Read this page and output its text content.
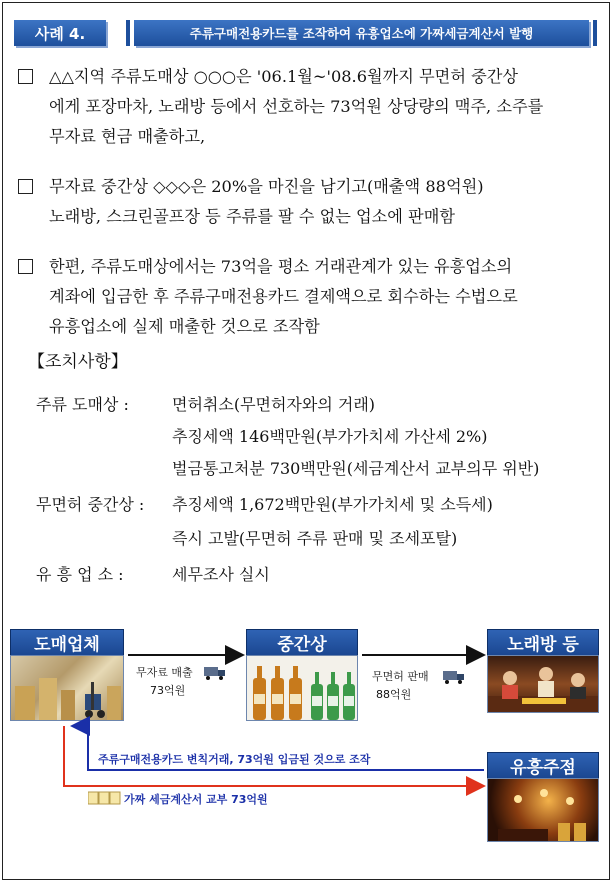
사례 4.	주류구매전용카드를 조작하여 유흥업소에 가짜세금계산서 발행
△△지역 주류도매상 ○○○은 '06.1월~'08.6월까지 무면허 중간상
에게 포장마차, 노래방 등에서 선호하는 73억원 상당량의 맥주, 소주를
무자료 현금 매출하고,
무자료 중간상 ◇◇◇은 20%을 마진을 남기고(매출액 88억원)
노래방, 스크린골프장 등 주류를 팔 수 없는 업소에 판매함
한편, 주류도매상에서는 73억을 평소 거래관계가 있는 유흥업소의
계좌에 입금한 후 주류구매전용카드 결제액으로 회수하는 수법으로
유흥업소에 실제 매출한 것으로 조작함
【조치사항】
주류 도매상 :	면허취소(무면허자와의 거래)
추징세액 146백만원(부가가치세 가산세 2%)
벌금통고처분 730백만원(세금계산서 교부의무 위반)
무면허 중간상 : 추징세액 1,672백만원(부가가치세 및 소득세)
즉시 고발(무면허 주류 판매 및 조세포탈)
유 흥 업 소 :	세무조사 실시
도매업체	중간상	노래방 등
유흥주점
무자료 매출
73억원
무면허 판매
88억원
주류구매전용카드 변칙거래, 73억원 입금된 것으로 조작
가짜 세금계산서 교부 73억원
